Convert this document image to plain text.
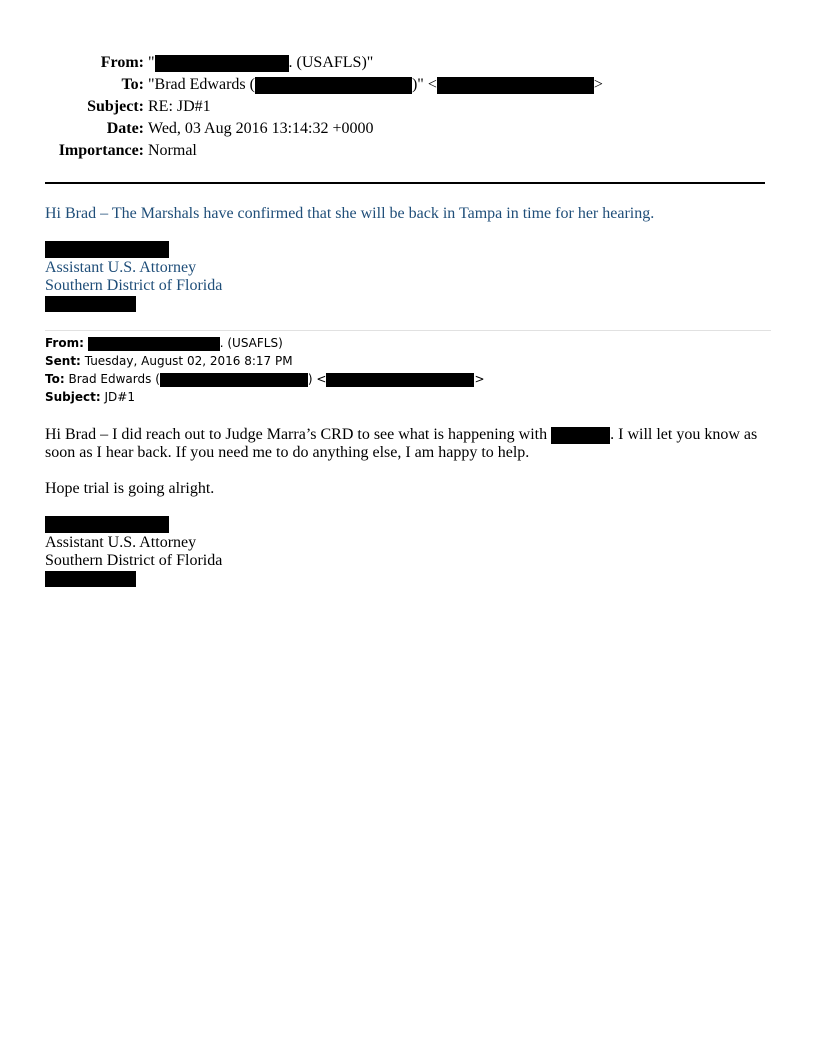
From: "	. (USAFLS)"
To: "Brad Edwards (	)" <	>
Subject: RE: JD#1
Date: Wed, 03 Aug 2016 13:14:32 +0000
Importance: Normal
Hi Brad – The Marshals have confirmed that she will be back in Tampa in time for her hearing.
Assistant U.S. Attorney
Southern District of Florida
From:	. (USAFLS)
Sent: Tuesday, August 02, 2016 8:17 PM
To: Brad Edwards (	) <	>
Subject: JD#1
Hi Brad – I did reach out to Judge Marra’s CRD to see what is happening with	. I will let you know as
soon as I hear back. If you need me to do anything else, I am happy to help.
Hope trial is going alright.
Assistant U.S. Attorney
Southern District of Florida
